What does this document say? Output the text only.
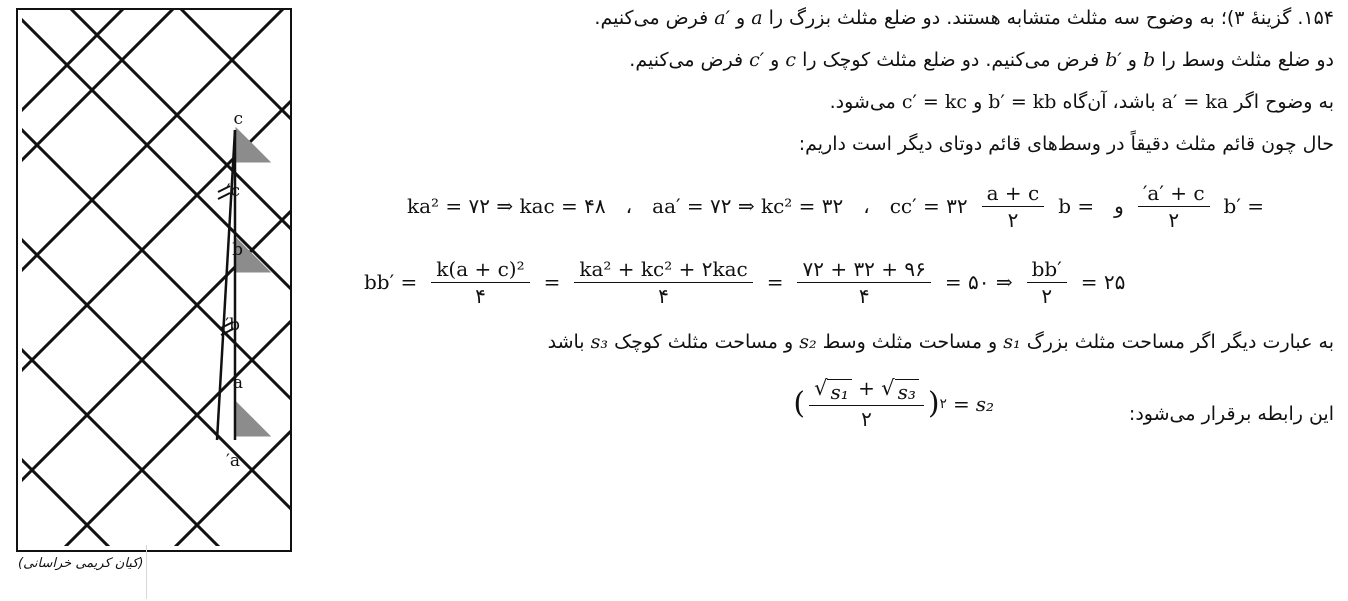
c
c′
b
b′
a
a′
(کیان کریمی خراسانی)
۱۵۴. گزینهٔ ۳)؛ به وضوح سه مثلث متشابه هستند. دو ضلع مثلث بزرگ را a و a′ فرض می‌کنیم.
دو ضلع مثلث وسط را b و b′ فرض می‌کنیم. دو ضلع مثلث کوچک را c و c′ فرض می‌کنیم.
به وضوح اگر a′ = ka باشد، آن‌گاه b′ = kb و c′ = kc می‌شود.
حال چون قائم مثلث دقیقاً در وسط‌های قائم دوتای دیگر است داریم:
b′ =
$\frac{a' + c'}{۲}$
و
b =
$\frac{a + c}{۲}$
cc′ = ۳۲
،
aa′ = ۷۲ ⇒ kc² = ۳۲
،
ka² = ۷۲ ⇒ kac = ۴۸
$bb' = \frac{\text{k(a + c)²}}{۴} = \frac{\text{ka² + kc² + ۲kac}}{۴} = \frac{۷۲ + ۳۲ + ۹۶}{۴}$ = ۵۰ ⇒ $\frac{bb'}{۲}$ = ۲۵
به عبارت دیگر اگر مساحت مثلث بزرگ s₁ و مساحت مثلث وسط s₂ و مساحت مثلث کوچک s₃ باشد
این رابطه برقرار می‌شود:
( √ s₁ + √ s₃
۲ ) ۲ = s₂
